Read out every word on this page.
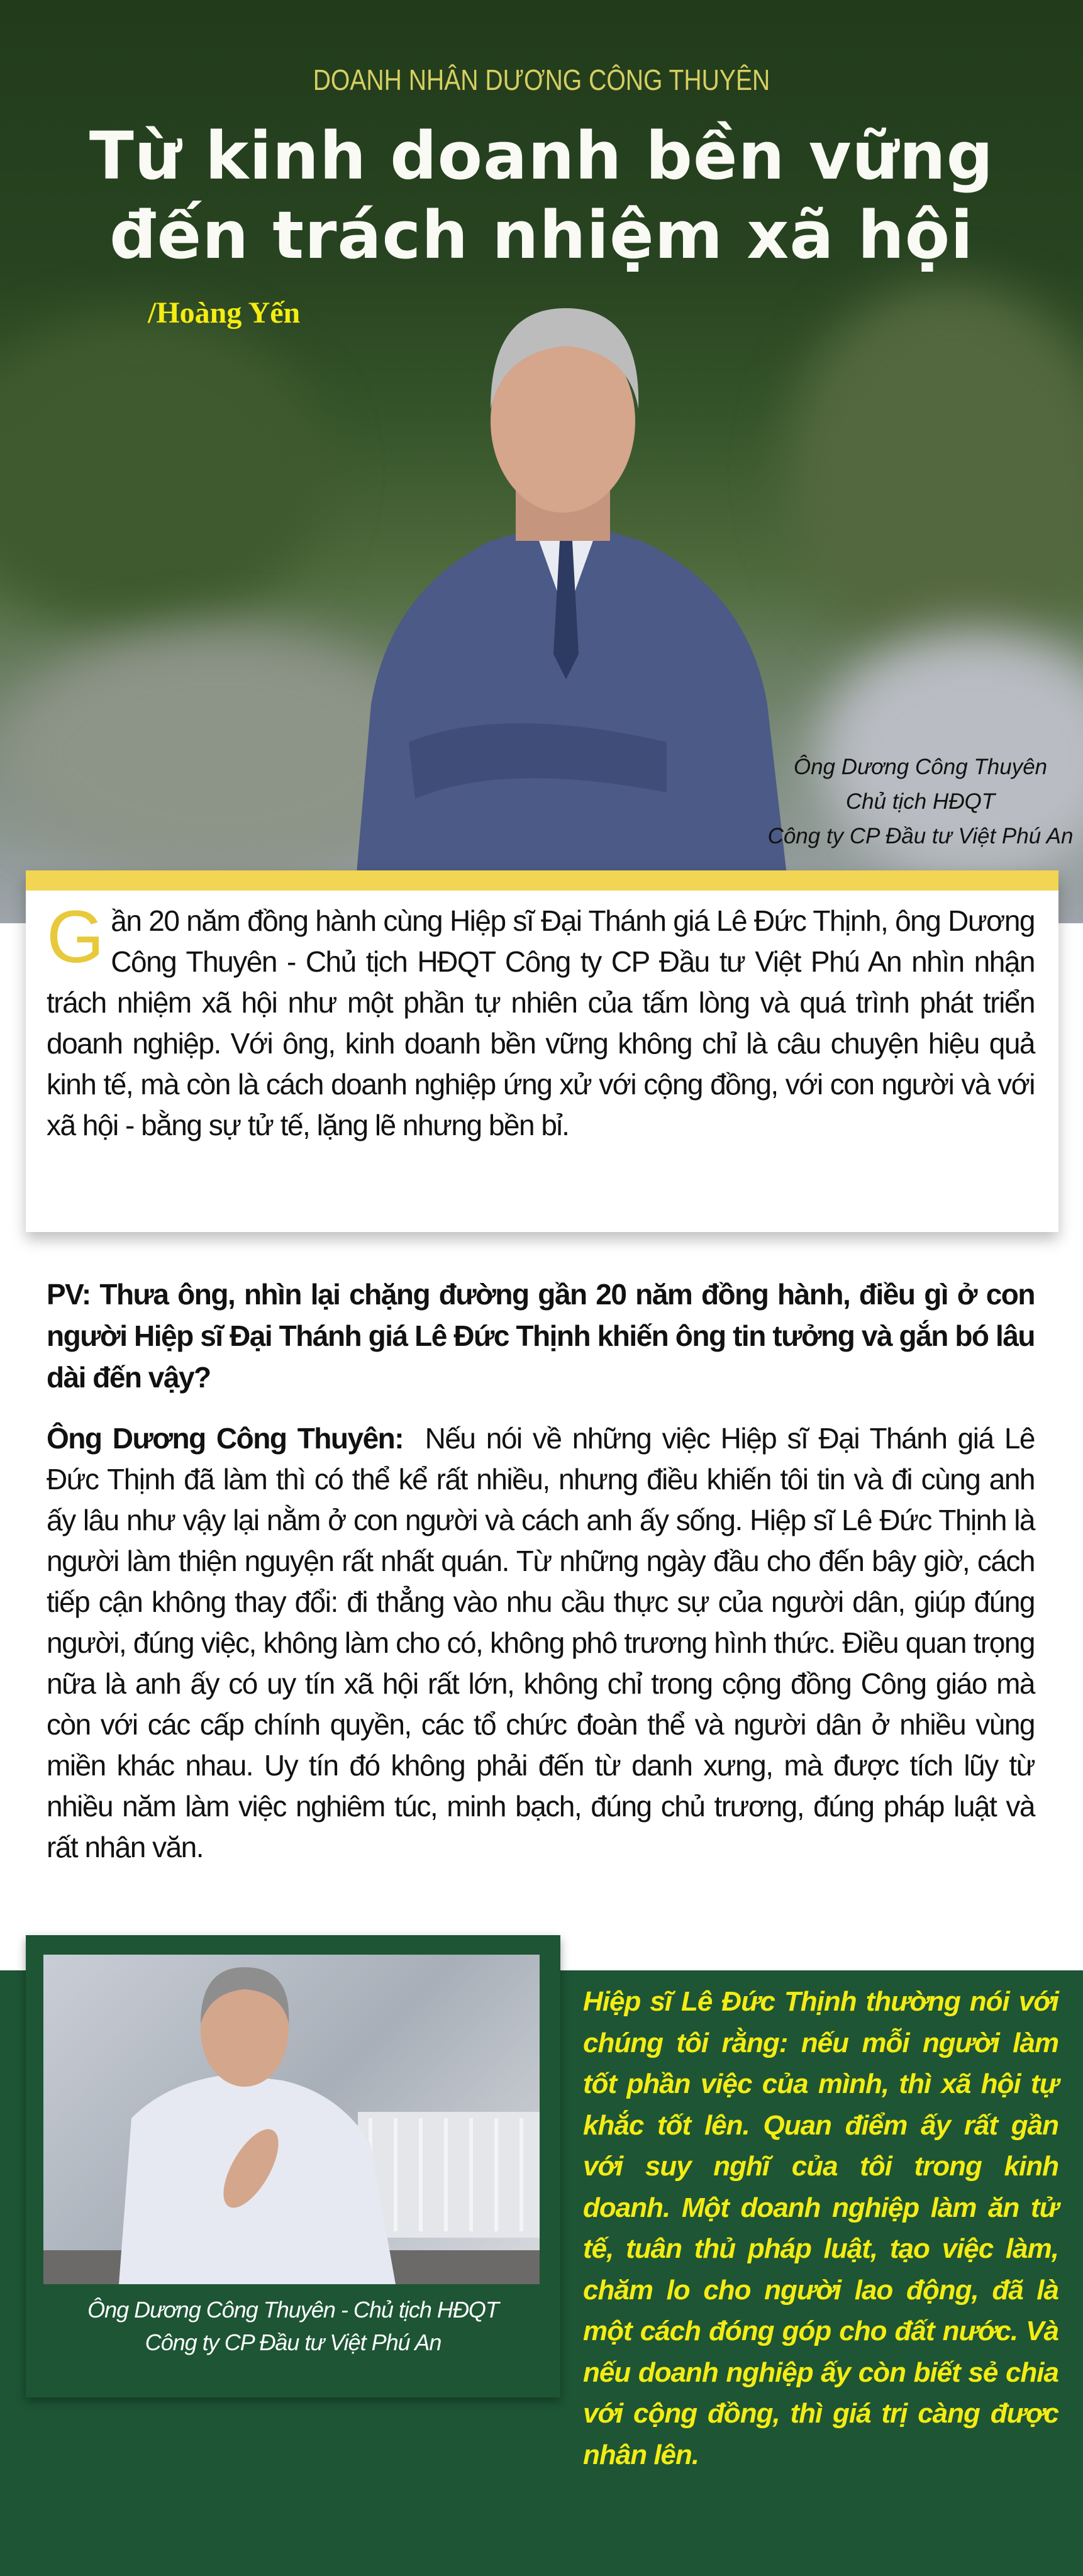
DOANH NHÂN DƯƠNG CÔNG THUYÊN
Từ kinh doanh bền vững
đến trách nhiệm xã hội
/Hoàng Yến
Ông Dương Công Thuyên
Chủ tịch HĐQT
Công ty CP Đầu tư Việt Phú An

Gần 20 năm đồng hành cùng Hiệp sĩ Đại Thánh giá Lê Đức Thịnh, ông Dương Công Thuyên - Chủ tịch HĐQT Công ty CP Đầu tư Việt Phú An nhìn nhận trách nhiệm xã hội như một phần tự nhiên của tấm lòng và quá trình phát triển doanh nghiệp. Với ông, kinh doanh bền vững không chỉ là câu chuyện hiệu quả kinh tế, mà còn là cách doanh nghiệp ứng xử với cộng đồng, với con người và với xã hội - bằng sự tử tế, lặng lẽ nhưng bền bỉ.

PV: Thưa ông, nhìn lại chặng đường gần 20 năm đồng hành, điều gì ở con người Hiệp sĩ Đại Thánh giá Lê Đức Thịnh khiến ông tin tưởng và gắn bó lâu dài đến vậy?

Ông Dương Công Thuyên: Nếu nói về những việc Hiệp sĩ Đại Thánh giá Lê Đức Thịnh đã làm thì có thể kể rất nhiều, nhưng điều khiến tôi tin và đi cùng anh ấy lâu như vậy lại nằm ở con người và cách anh ấy sống. Hiệp sĩ Lê Đức Thịnh là người làm thiện nguyện rất nhất quán. Từ những ngày đầu cho đến bây giờ, cách tiếp cận không thay đổi: đi thẳng vào nhu cầu thực sự của người dân, giúp đúng người, đúng việc, không làm cho có, không phô trương hình thức. Điều quan trọng nữa là anh ấy có uy tín xã hội rất lớn, không chỉ trong cộng đồng Công giáo mà còn với các cấp chính quyền, các tổ chức đoàn thể và người dân ở nhiều vùng miền khác nhau. Uy tín đó không phải đến từ danh xưng, mà được tích lũy từ nhiều năm làm việc nghiêm túc, minh bạch, đúng chủ trương, đúng pháp luật và rất nhân văn.

Ông Dương Công Thuyên - Chủ tịch HĐQT
Công ty CP Đầu tư Việt Phú An

Hiệp sĩ Lê Đức Thịnh thường nói với chúng tôi rằng: nếu mỗi người làm tốt phần việc của mình, thì xã hội tự khắc tốt lên. Quan điểm ấy rất gần với suy nghĩ của tôi trong kinh doanh. Một doanh nghiệp làm ăn tử tế, tuân thủ pháp luật, tạo việc làm, chăm lo cho người lao động, đã là một cách đóng góp cho đất nước. Và nếu doanh nghiệp ấy còn biết sẻ chia với cộng đồng, thì giá trị càng được nhân lên.
